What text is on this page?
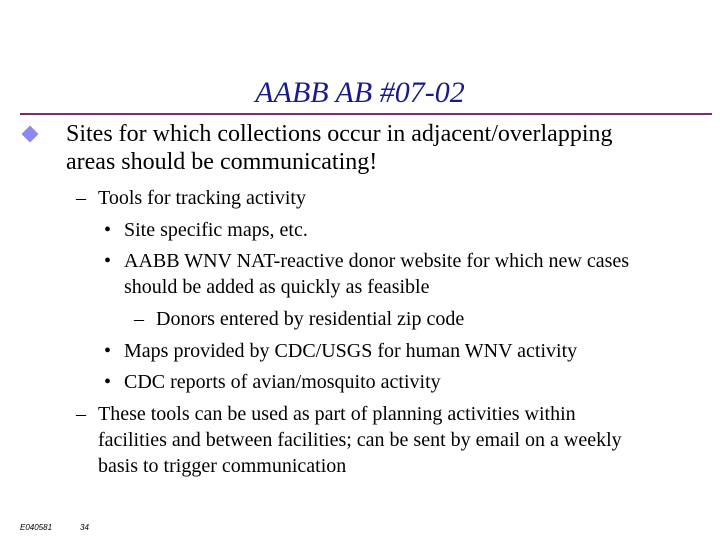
AABB AB #07-02
Sites for which collections occur in adjacent/overlapping
areas should be communicating!
– Tools for tracking activity
• Site specific maps, etc.
• AABB WNV NAT-reactive donor website for which new cases
should be added as quickly as feasible
– Donors entered by residential zip code
• Maps provided by CDC/USGS for human WNV activity
• CDC reports of avian/mosquito activity
– These tools can be used as part of planning activities within
facilities and between facilities; can be sent by email on a weekly
basis to trigger communication
E040581	34
